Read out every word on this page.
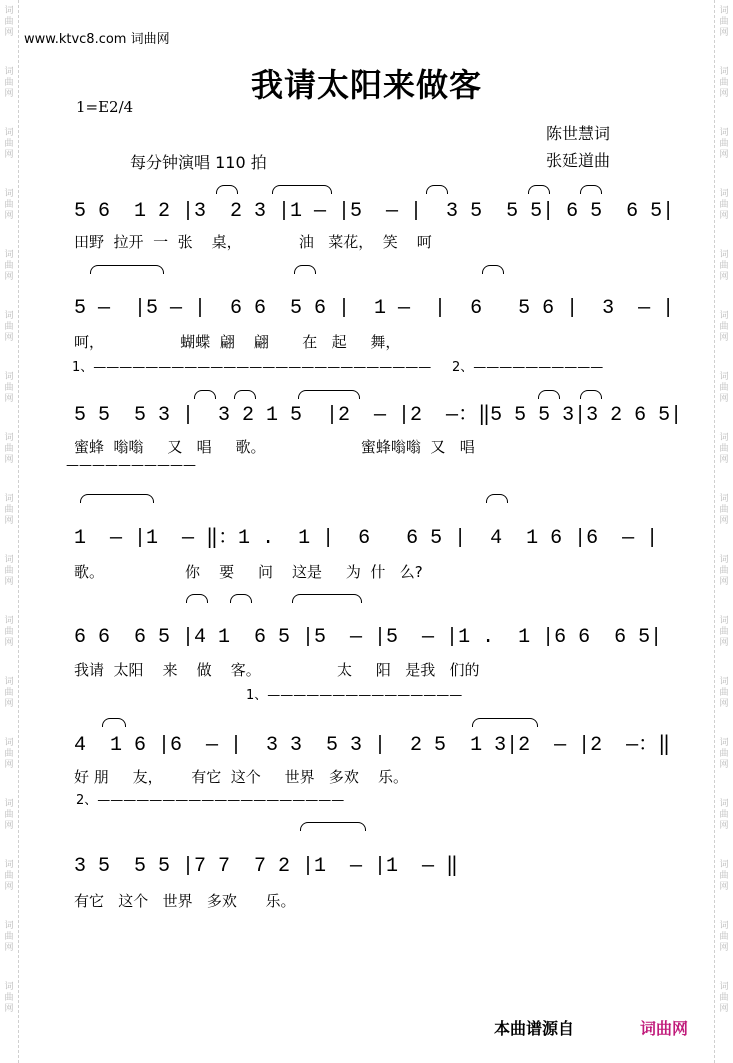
词
曲
网
词
曲
网
词
曲
网
词
曲
网
词
曲
网
词
曲
网
词
曲
网
词
曲
网
词
曲
网
词
曲
网
词
曲
网
词
曲
网
词
曲
网
词
曲
网
词
曲
网
词
曲
网
词
曲
网
词
曲
网
词
曲
网
词
曲
网
词
曲
网
词
曲
网
词
曲
网
词
曲
网
词
曲
网
词
曲
网
词
曲
网
词
曲
网
词
曲
网
词
曲
网
词
曲
网
词
曲
网
词
曲
网
词
曲
网
www.ktvc8.com 词曲网
我请太阳来做客
1=E2/4
每分钟演唱 110 拍
陈世慧词
张延道曲
5 6  1 2 |3  2 3 |1 — |5  — |  3 5  5 5| 6 5  6 5|
田野  拉开  一  张    桌，            油   菜花，  笑    呵
5 —  |5 — |  6 6  5 6 |  1 —  |  6   5 6 |  3  — |
呵，                蝴蝶  翩    翩       在   起     舞，
1、—————————————————————————— 2、——————————
5 5  5 3 |  3 2 1 5  |2  — |2  —：‖5 5 5 3|3 2 6 5|
蜜蜂  嗡嗡     又   唱     歌。                    蜜蜂嗡嗡  又   唱
——————————
1  — |1  — ‖：1 .  1 |  6   6 5 |  4  1 6 |6  — |
歌。                 你    要     问    这是     为  什   么?
6 6  6 5 |4 1  6 5 |5  — |5  — |1 .  1 |6 6  6 5|
我请  太阳    来    做    客。                太     阳   是我   们的
1、———————————————
4  1 6 |6  — |  3 3  5 3 |  2 5  1 3|2  — |2  —：‖
好 朋     友，      有它  这个     世界   多欢    乐。
2、———————————————————
3 5  5 5 |7 7  7 2 |1  — |1  — ‖
有它   这个   世界   多欢      乐。
本曲谱源自	词曲网
